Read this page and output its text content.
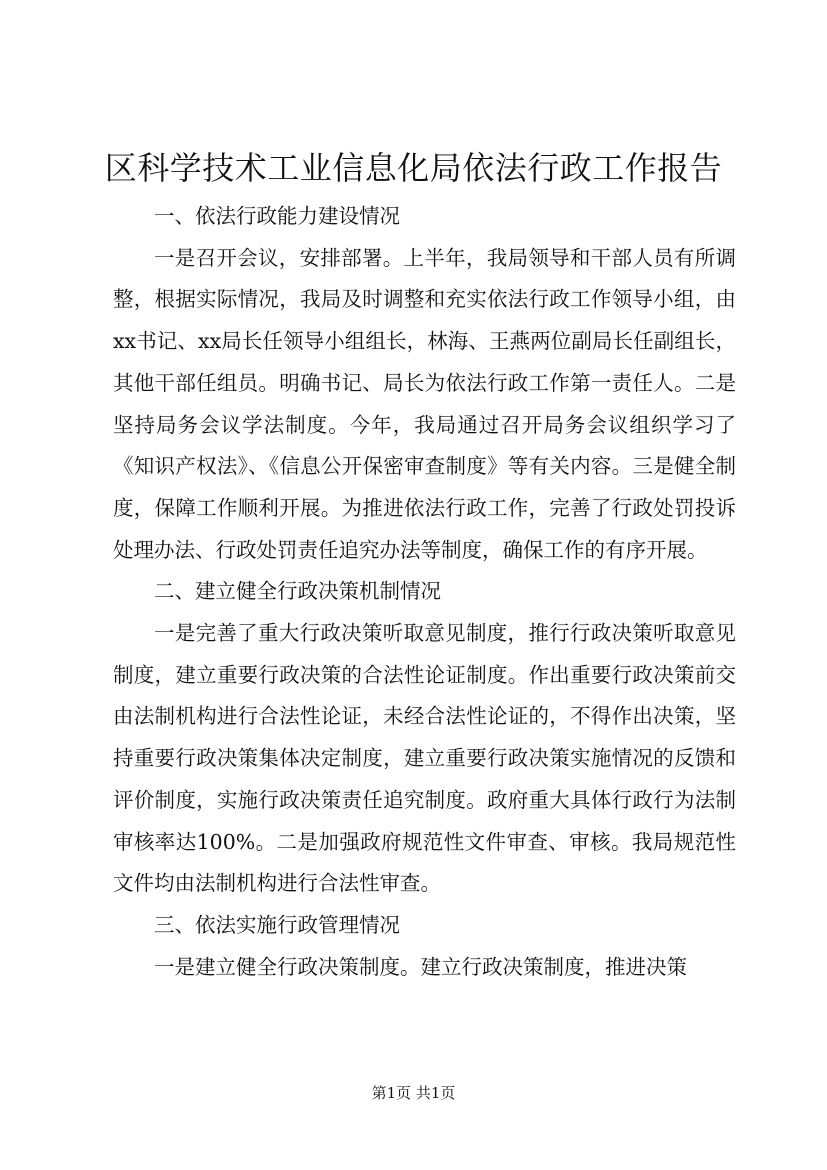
区科学技术工业信息化局依法行政工作报告

一、依法行政能力建设情况

一是召开会议，安排部署。上半年，我局领导和干部人员有所调整，根据实际情况，我局及时调整和充实依法行政工作领导小组，由xx书记、xx局长任领导小组组长，林海、王燕两位副局长任副组长，其他干部任组员。明确书记、局长为依法行政工作第一责任人。二是坚持局务会议学法制度。今年，我局通过召开局务会议组织学习了《知识产权法》、《信息公开保密审查制度》等有关内容。三是健全制度，保障工作顺利开展。为推进依法行政工作，完善了行政处罚投诉处理办法、行政处罚责任追究办法等制度，确保工作的有序开展。

二、建立健全行政决策机制情况

一是完善了重大行政决策听取意见制度，推行行政决策听取意见制度，建立重要行政决策的合法性论证制度。作出重要行政决策前交由法制机构进行合法性论证，未经合法性论证的，不得作出决策，坚持重要行政决策集体决定制度，建立重要行政决策实施情况的反馈和评价制度，实施行政决策责任追究制度。政府重大具体行政行为法制审核率达100%。二是加强政府规范性文件审查、审核。我局规范性文件均由法制机构进行合法性审查。

三、依法实施行政管理情况

一是建立健全行政决策制度。建立行政决策制度，推进决策

第1页 共1页
